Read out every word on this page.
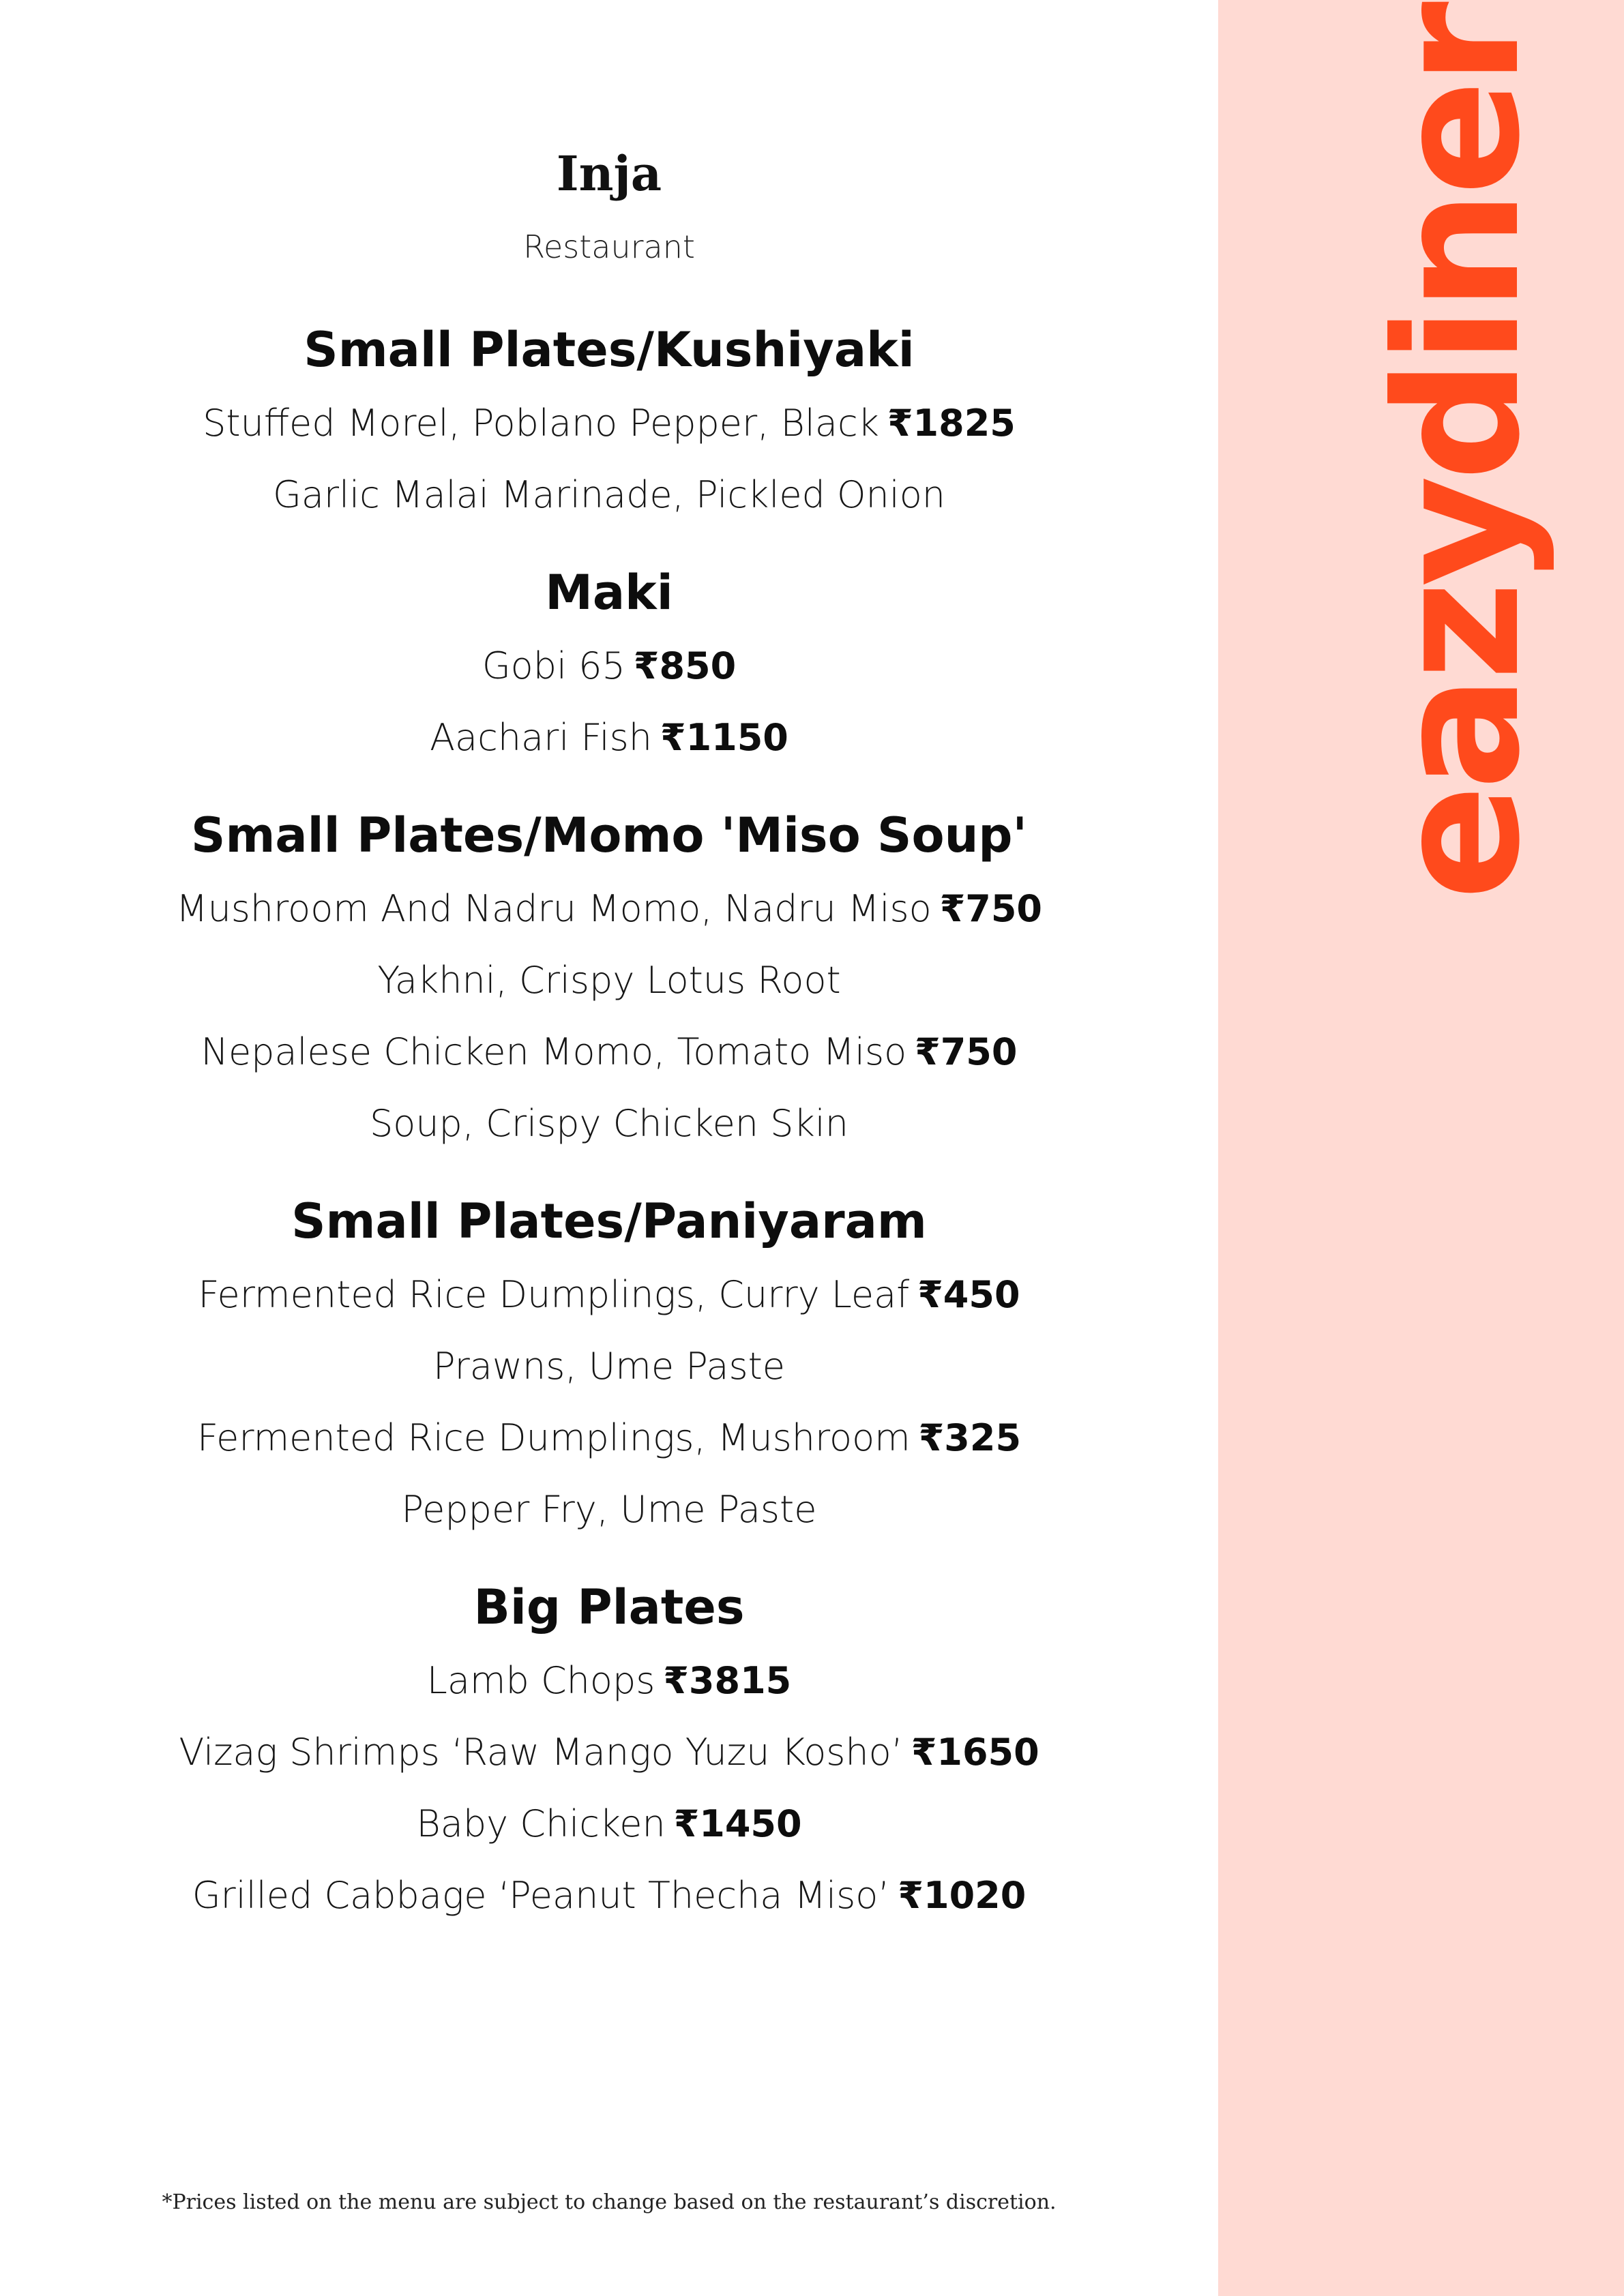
Inja
Restaurant
Small Plates/Kushiyaki

Stuffed Morel, Poblano Pepper, Black ₹1825

Garlic Malai Marinade, Pickled Onion

Maki

Gobi 65 ₹850

Aachari Fish ₹1150

Small Plates/Momo 'Miso Soup'

Mushroom And Nadru Momo, Nadru Miso ₹750

Yakhni, Crispy Lotus Root

Nepalese Chicken Momo, Tomato Miso ₹750

Soup, Crispy Chicken Skin

Small Plates/Paniyaram

Fermented Rice Dumplings, Curry Leaf ₹450

Prawns, Ume Paste

Fermented Rice Dumplings, Mushroom ₹325

Pepper Fry, Ume Paste

Big Plates

Lamb Chops ₹3815

Vizag Shrimps ‘Raw Mango Yuzu Kosho’ ₹1650

Baby Chicken ₹1450

Grilled Cabbage ‘Peanut Thecha Miso’ ₹1020

*Prices listed on the menu are subject to change based on the restaurant’s discretion.
eazydiner
